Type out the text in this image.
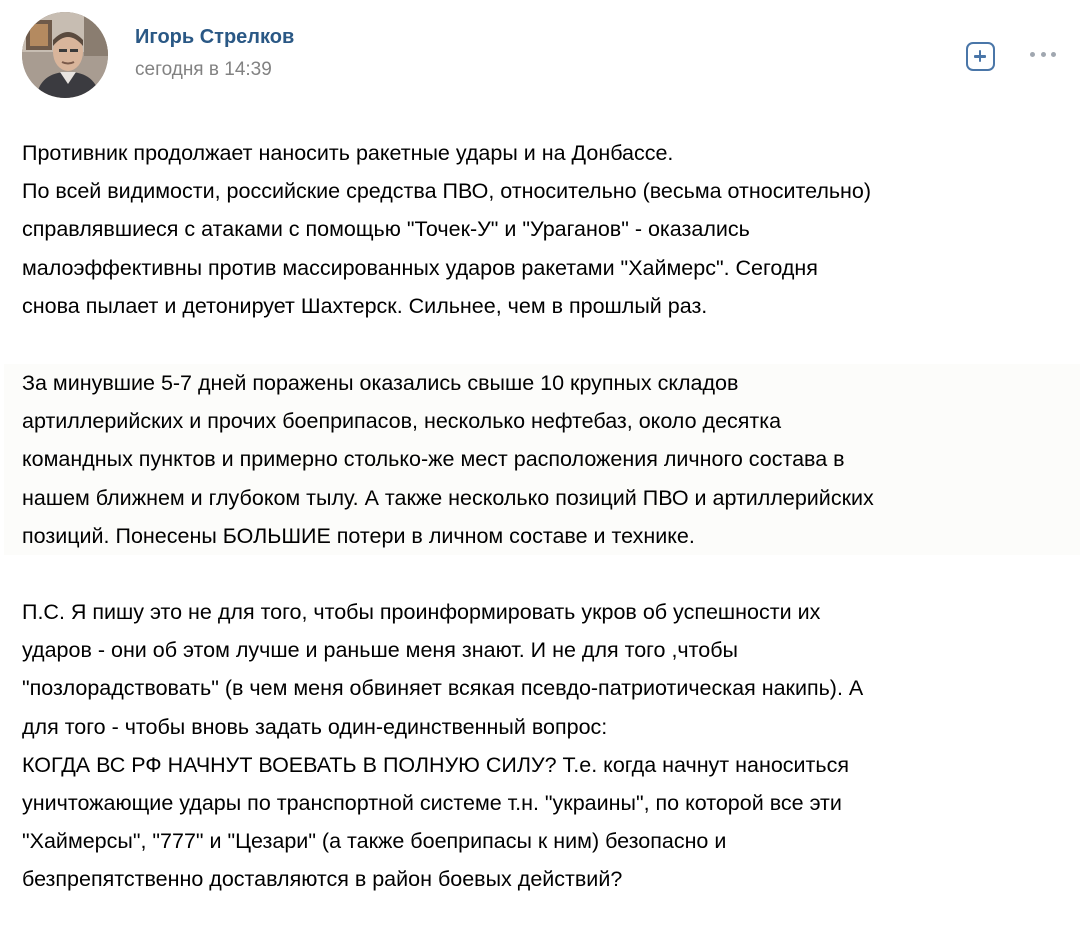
Игорь Стрелков
сегодня в 14:39
Противник продолжает наносить ракетные удары и на Донбассе.
По всей видимости, российские средства ПВО, относительно (весьма относительно)
справлявшиеся с атаками с помощью "Точек-У" и "Ураганов" - оказались
малоэффективны против массированных ударов ракетами "Хаймерс". Сегодня
снова пылает и детонирует Шахтерск. Сильнее, чем в прошлый раз.
За минувшие 5-7 дней поражены оказались свыше 10 крупных складов
артиллерийских и прочих боеприпасов, несколько нефтебаз, около десятка
командных пунктов и примерно столько-же мест расположения личного состава в
нашем ближнем и глубоком тылу. А также несколько позиций ПВО и артиллерийских
позиций. Понесены БОЛЬШИЕ потери в личном составе и технике.
П.С. Я пишу это не для того, чтобы проинформировать укров об успешности их
ударов - они об этом лучше и раньше меня знают. И не для того ,чтобы
"позлорадствовать" (в чем меня обвиняет всякая псевдо-патриотическая накипь). А
для того - чтобы вновь задать один-единственный вопрос:
КОГДА ВС РФ НАЧНУТ ВОЕВАТЬ В ПОЛНУЮ СИЛУ? Т.е. когда начнут наноситься
уничтожающие удары по транспортной системе т.н. "украины", по которой все эти
"Хаймерсы", "777" и "Цезари" (а также боеприпасы к ним) безопасно и
безпрепятственно доставляются в район боевых действий?
